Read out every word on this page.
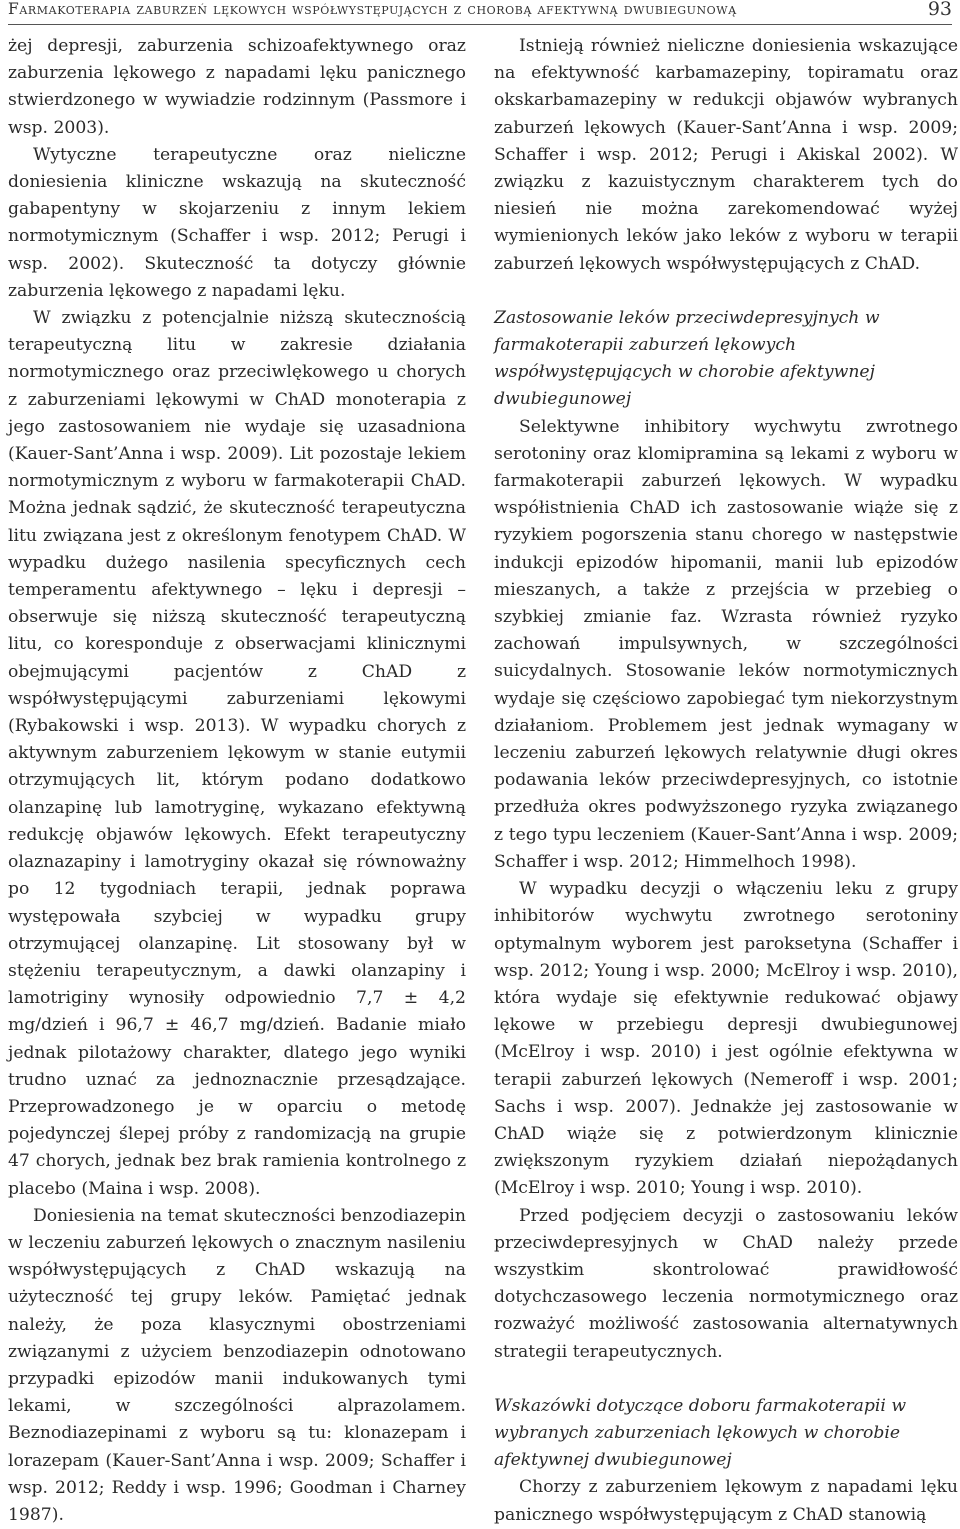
Farmakoterapia zaburzeń lękowych współwystępujących z chorobą afektywną dwubiegunową	93

żej depresji, zaburzenia schizoafektywnego oraz zaburzenia lękowego z napadami lęku panicznego stwierdzonego w wywiadzie rodzinnym (Passmore i wsp. 2003).

Wytyczne terapeutyczne oraz nieliczne doniesienia kliniczne wskazują na skuteczność gabapentyny w skojarzeniu z innym lekiem normotymicznym (Schaffer i wsp. 2012; Perugi i wsp. 2002). Skuteczność ta dotyczy głównie zaburzenia lękowego z napadami lęku.

W związku z potencjalnie niższą skutecznością terapeutyczną litu w zakresie działania normotymicznego oraz przeciwlękowego u chorych z zaburzeniami lękowymi w ChAD monoterapia z jego zastosowaniem nie wydaje się uzasadniona (Kauer-Sant’Anna i wsp. 2009). Lit pozostaje lekiem normotymicznym z wyboru w farmakoterapii ChAD. Można jednak sądzić, że skuteczność terapeutyczna litu związana jest z określonym fenotypem ChAD. W wypadku dużego nasilenia specyficznych cech temperamentu afektywnego – lęku i depresji – obserwuje się niższą skuteczność terapeutyczną litu, co koresponduje z obserwacjami klinicznymi obejmującymi pacjentów z ChAD z współwystępującymi zaburzeniami lękowymi (Rybakowski i wsp. 2013). W wypadku chorych z aktywnym zaburzeniem lękowym w stanie eutymii otrzymujących lit, którym podano dodatkowo olanzapinę lub lamotryginę, wykazano efektywną redukcję objawów lękowych. Efekt terapeutyczny olaznazapiny i lamotryginy okazał się równoważny po 12 tygodniach terapii, jednak poprawa występowała szybciej w wypadku grupy otrzymującej olanzapinę. Lit stosowany był w stężeniu terapeutycznym, a dawki olanzapiny i lamotriginy wynosiły odpowiednio 7,7 ± 4,2 mg/dzień i 96,7 ± 46,7 mg/dzień. Badanie miało jednak pilotażowy charakter, dlatego jego wyniki trudno uznać za jednoznacznie przesądzające. Przeprowadzonego je w oparciu o metodę pojedynczej ślepej próby z randomizacją na grupie 47 chorych, jednak bez brak ramienia kontrolnego z placebo (Maina i wsp. 2008).

Doniesienia na temat skuteczności benzodiazepin w leczeniu zaburzeń lękowych o znacznym nasileniu współwystępujących z ChAD wskazują na użyteczność tej grupy leków. Pamiętać jednak należy, że poza klasycznymi obostrzeniami związanymi z użyciem benzodiazepin odnotowano przypadki epizodów manii indukowanych tymi lekami, w szczególności alprazolamem. Beznodiazepinami z wyboru są tu: klonazepam i lorazepam (Kauer-Sant’Anna i wsp. 2009; Schaffer i wsp. 2012; Reddy i wsp. 1996; Goodman i Charney 1987).

Istnieją również nieliczne doniesienia wskazujące na efektywność karbamazepiny, topiramatu oraz okskarbamazepiny w redukcji objawów wybranych zaburzeń lękowych (Kauer-Sant’Anna i wsp. 2009; Schaffer i wsp. 2012; Perugi i Akiskal 2002). W związku z kazuistycznym charakterem tych do niesień nie można zarekomendować wyżej wymienionych leków jako leków z wyboru w terapii zaburzeń lękowych współwystępujących z ChAD.

Zastosowanie leków przeciwdepresyjnych w farmakoterapii zaburzeń lękowych współwystępujących w chorobie afektywnej dwubiegunowej

Selektywne inhibitory wychwytu zwrotnego serotoniny oraz klomipramina są lekami z wyboru w farmakoterapii zaburzeń lękowych. W wypadku współistnienia ChAD ich zastosowanie wiąże się z ryzykiem pogorszenia stanu chorego w następstwie indukcji epizodów hipomanii, manii lub epizodów mieszanych, a także z przejścia w przebieg o szybkiej zmianie faz. Wzrasta również ryzyko zachowań impulsywnych, w szczególności suicydalnych. Stosowanie leków normotymicznych wydaje się częściowo zapobiegać tym niekorzystnym działaniom. Problemem jest jednak wymagany w leczeniu zaburzeń lękowych relatywnie długi okres podawania leków przeciwdepresyjnych, co istotnie przedłuża okres podwyższonego ryzyka związanego z tego typu leczeniem (Kauer-Sant’Anna i wsp. 2009; Schaffer i wsp. 2012; Himmelhoch 1998).

W wypadku decyzji o włączeniu leku z grupy inhibitorów wychwytu zwrotnego serotoniny optymalnym wyborem jest paroksetyna (Schaffer i wsp. 2012; Young i wsp. 2000; McElroy i wsp. 2010), która wydaje się efektywnie redukować objawy lękowe w przebiegu depresji dwubiegunowej (McElroy i wsp. 2010) i jest ogólnie efektywna w terapii zaburzeń lękowych (Nemeroff i wsp. 2001; Sachs i wsp. 2007). Jednakże jej zastosowanie w ChAD wiąże się z potwierdzonym klinicznie zwiększonym ryzykiem działań niepożądanych (McElroy i wsp. 2010; Young i wsp. 2010).

Przed podjęciem decyzji o zastosowaniu leków przeciwdepresyjnych w ChAD należy przede wszystkim skontrolować prawidłowość dotychczasowego leczenia normotymicznego oraz rozważyć możliwość zastosowania alternatywnych strategii terapeutycznych.

Wskazówki dotyczące doboru farmakoterapii w wybranych zaburzeniach lękowych w chorobie afektywnej dwubiegunowej

Chorzy z zaburzeniem lękowym z napadami lęku panicznego współwystępującym z ChAD stanowią
